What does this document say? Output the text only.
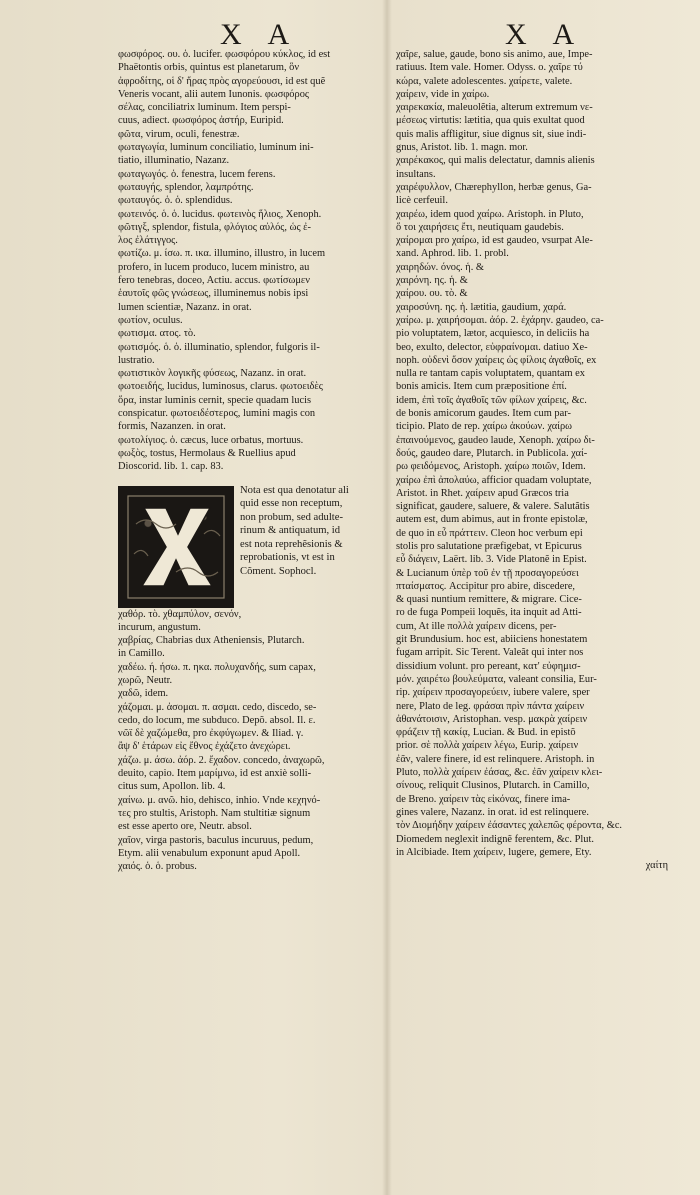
X A	X A
φωσφόρος. ου. ὁ. lucifer. φωσφόρου κύκλος, id est
Phaëtontis orbis, quintus est planetarum, ὃν
ἀφροδίτης, οἱ δ' ἥρας πρὸς αγορεύουσι, id est quẽ
Veneris vocant, alii autem Iunonis. φωσφόρος
σέλας, conciliatrix luminum. Item perspi-
cuus, adiect. φωσφόρος ἀστήρ, Euripid.
φῶτα, virum, oculi, fenestræ.
φωταγωγία, luminum conciliatio, luminum ini-
tiatio, illuminatio, Nazanz.
φωταγωγός. ὁ. fenestra, lucem ferens.
φωταυγής, splendor, λαμπρότης.
φωταυγός. ὁ. ὁ. splendidus.
φωτεινός. ὁ. ὁ. lucidus. φωτεινὸς ἥλιος, Xenoph.
φῶτιγξ, splendor, fistula, φλόγιος αὐλός, ὡς ἐ-
λος ἐλάτιγγος.
φωτίζω. μ. ίσω. π. ικα. illumino, illustro, in lucem
profero, in lucem produco, lucem ministro, au
fero tenebras, doceo, Actiu. accus. φωτίσωμεν
ἑαυτοῖς φῶς γνώσεως, illuminemus nobis ipsi
lumen scientiæ, Nazanz. in orat.
φωτίον, oculus.
φωτισμα. ατος. τὸ.
φωτισμός. ὁ. ὁ. illuminatio, splendor, fulgoris il-
lustratio.
φωτιστικὸν λογικῆς φύσεως, Nazanz. in orat.
φωτοειδής, lucidus, luminosus, clarus. φωτοειδὲς
ὅρα, instar luminis cernit, specie quadam lucis
conspicatur. φωτοειδέστερος, lumini magis con
formis, Nazanzen. in orat.
φωτολίγιος. ὁ. cæcus, luce orbatus, mortuus.
φωξὸς, tostus, Hermolaus & Ruellius apud
Dioscorid. lib. 1. cap. 83.
Nota est qua denotatur ali
quid esse non receptum,
non probum, sed adulte-
rinum & antiquatum, id
est nota reprehẽsionis &
reprobationis, vt est in
Cõment. Sophocl.
χαθόρ. τὸ. χθαμπύλον, σενόν,
incurum, angustum.
χαβρίας, Chabrias dux Atheniensis, Plutarch.
in Camillo.
χαδέω. ή. ήσω. π. ηκα. πολυχανδής, sum capax,
χωρῶ, Neutr.
χαδῶ, idem.
χάζομαι. μ. ἀσομαι. π. ασμαι. cedo, discedo, se-
cedo, do locum, me subduco. Depõ. absol. Il. ε.
νῶϊ δὲ χαζώμεθα, pro ἐκφύγωμεν. & Iliad. γ.
ἂψ δ' ἑτάρων εἰς ἔθνος ἐχάζετο ἀνεχώρει.
χάζω. μ. άσω. ἀόρ. 2. ἔχαδον. concedo, ἀναχωρῶ,
deuito, capio. Item μαρίμνω, id est anxiè solli-
citus sum, Apollon. lib. 4.
χαίνω. μ. ανῶ. hio, dehisco, inhio. Vnde κεχηνό-
τες pro stultis, Aristoph. Nam stultitiæ signum
est esse aperto ore, Neutr. absol.
χαῖον, virga pastoris, baculus incuruus, pedum,
Etym. alii venabulum exponunt apud Apoll.
χαιός. ὁ. ὁ. probus.
χαῖρε, salue, gaude, bono sis animo, aue, Impe-
ratiuus. Item vale. Homer. Odyss. ο. χαῖρε τύ
κώρα, valete adolescentes. χαίρετε, valete.
χαίρειν, vide in χαίρω.
χαιρεκακία, maleuolẽtia, alterum extremum νε-
μέσεως virtutis: lætitia, qua quis exultat quod
quis malis affligitur, siue dignus sit, siue indi-
gnus, Aristot. lib. 1. magn. mor.
χαιρέκακος, qui malis delectatur, damnis alienis
insultans.
χαιρέφυλλον, Chærephyllon, herbæ genus, Ga-
licè cerfeuil.
χαιρέω, idem quod χαίρω. Aristoph. in Pluto,
ὅ τοι χαιρήσεις ἔτι, neutiquam gaudebis.
χαίρομαι pro χαίρω, id est gaudeo, vsurpat Ale-
xand. Aphrod. lib. 1. probl.
χαιρηδών. όνος. ἡ. &
χαιρόνη. ης. ἡ. &
χαίρου. ου. τὸ. &
χαιροσύνη. ης. ἡ. lætitia, gaudium, χαρά.
χαίρω. μ. χαιρήσομαι. ἀόρ. 2. ἐχάρην. gaudeo, ca-
pio voluptatem, lætor, acquiesco, in deliciis ha
beo, exulto, delector, εὐφραίνομαι. datiuo Xe-
noph. οὐδενὶ ὅσον χαίρεις ὡς φίλοις ἀγαθοῖς, ex
nulla re tantam capis voluptatem, quantam ex
bonis amicis. Item cum præpositione ἐπί.
idem, ἐπὶ τοῖς ἀγαθοῖς τῶν φίλων χαίρεις, &c.
de bonis amicorum gaudes. Item cum par-
ticipio. Plato de rep. χαίρω ἀκούων. χαίρω
ἐπαινούμενος, gaudeo laude, Xenoph. χαίρω δι-
δούς, gaudeo dare, Plutarch. in Publicola. χαί-
ρω φειδόμενος, Aristoph. χαίρω ποιῶν, Idem.
χαίρω ἐπὶ ἀπολαύω, afficior quadam voluptate,
Aristot. in Rhet. χαίρειν apud Græcos tria
significat, gaudere, saluere, & valere. Salutãtis
autem est, dum abimus, aut in fronte epistolæ,
de quo in εὖ πράττειν. Cleon hoc verbum epi
stolis pro salutatione præfigebat, vt Epicurus
εὖ διάγειν, Laërt. lib. 3. Vide Platonẽ in Epist.
& Lucianum ὑπὲρ τοῦ ἐν τῇ προσαγορεύσει
πταίσματος. Accipitur pro abire, discedere,
& quasi nuntium remittere, & migrare. Cice-
ro de fuga Pompeii loquẽs, ita inquit ad Atti-
cum, At ille πολλὰ χαίρειν dicens, per-
git Brundusium. hoc est, abiiciens honestatem
fugam arripit. Sic Terent. Valeãt qui inter nos
dissidium volunt. pro pereant, κατ' εὐφημισ-
μόν. χαιρέτω βουλεύματα, valeant consilia, Eur-
rip. χαίρειν προσαγορεύειν, iubere valere, sper
nere, Plato de leg. φράσαι πρὶν πάντα χαίρειν
ἀθανάτοισιν, Aristophan. vesp. μακρὰ χαίρειν
φράζειν τῇ κακίᾳ, Lucian. & Bud. in epistõ
prior. σὲ πολλὰ χαίρειν λέγω, Eurip. χαίρειν
ἐᾶν, valere finere, id est relinquere. Aristoph. in
Pluto, πολλὰ χαίρειν ἐάσας, &c. ἐᾶν χαίρειν κλει-
σίνους, reliquit Clusinos, Plutarch. in Camillo,
de Breno. χαίρειν τὰς εἰκόνας, finere ima-
gines valere, Nazanz. in orat. id est relinquere.
τὸν Διομήδην χαίρειν ἐάσαντες χαλεπῶς φέροντα, &c.
Diomedem neglexit indignẽ ferentem, &c. Plut.
in Alcibiade. Item χαίρειν, lugere, gemere, Ety.
χαίτη
